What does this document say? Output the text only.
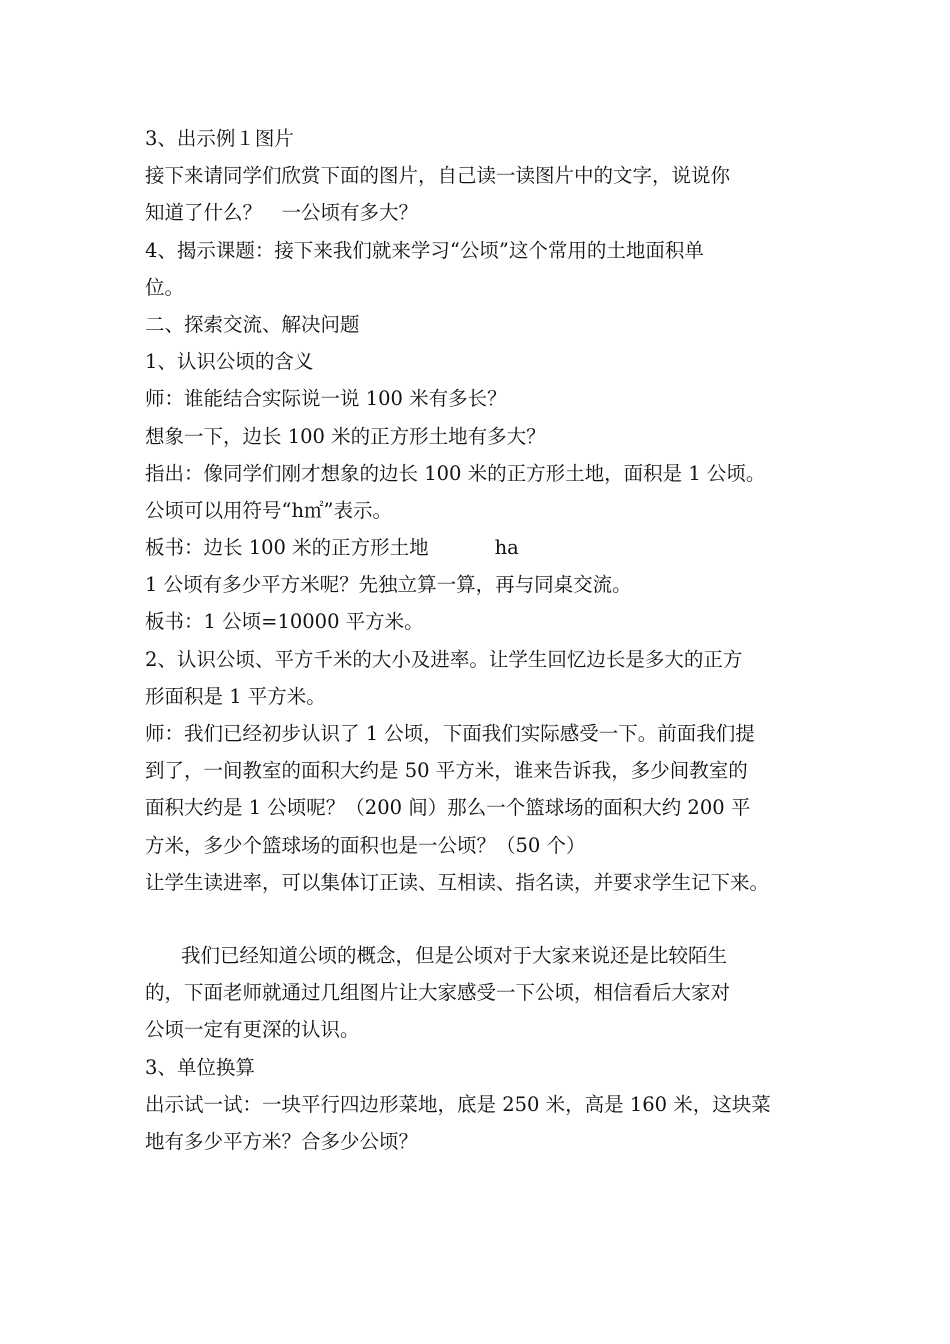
3、出示例１图片
接下来请同学们欣赏下面的图片，自己读一读图片中的文字，说说你
知道了什么？　一公顷有多大？
4、揭示课题：接下来我们就来学习“公顷”这个常用的土地面积单
位。
二、探索交流、解决问题
1、认识公顷的含义
师：谁能结合实际说一说 100 米有多长？
想象一下，边长 100 米的正方形土地有多大？
指出：像同学们刚才想象的边长 100 米的正方形土地，面积是 1 公顷。
公顷可以用符号“h㎡”表示。
板书：边长 100 米的正方形土地	ha
1 公顷有多少平方米呢？先独立算一算，再与同桌交流。
板书：1 公顷=10000 平方米。
2、认识公顷、平方千米的大小及进率。让学生回忆边长是多大的正方
形面积是 1 平方米。
师：我们已经初步认识了 1 公顷，下面我们实际感受一下。前面我们提
到了，一间教室的面积大约是 50 平方米，谁来告诉我，多少间教室的
面积大约是 1 公顷呢？（200 间）那么一个篮球场的面积大约 200 平
方米，多少个篮球场的面积也是一公顷？（50 个）
让学生读进率，可以集体订正读、互相读、指名读，并要求学生记下来。
我们已经知道公顷的概念，但是公顷对于大家来说还是比较陌生
的，下面老师就通过几组图片让大家感受一下公顷，相信看后大家对
公顷一定有更深的认识。
3、单位换算
出示试一试：一块平行四边形菜地，底是 250 米，高是 160 米，这块菜
地有多少平方米？合多少公顷？
